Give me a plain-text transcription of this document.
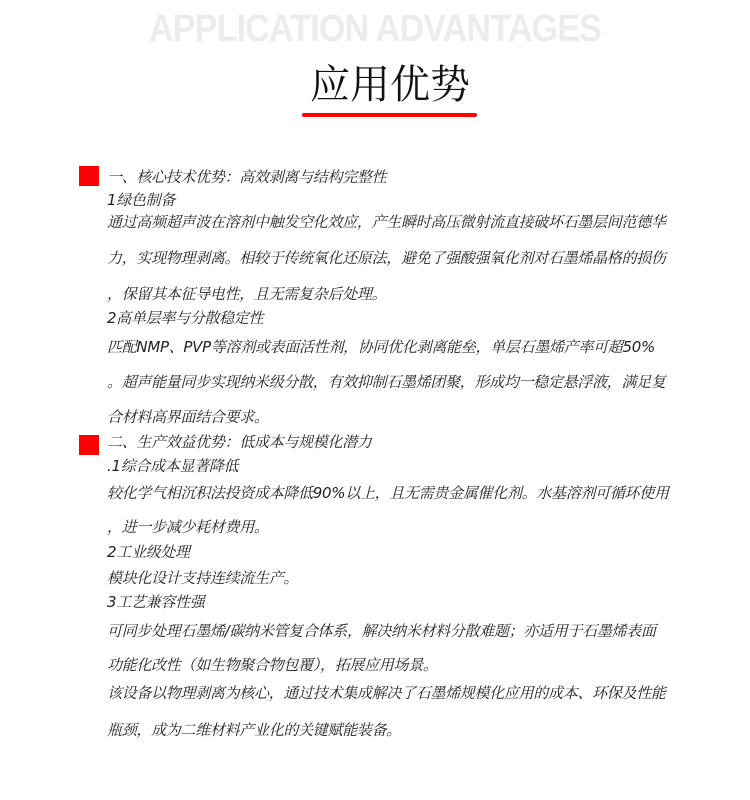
APPLICATION ADVANTAGES
应用优势
一、核心技术优势：高效剥离与结构完整性
1绿色制备
通过高频超声波在溶剂中触发空化效应，产生瞬时高压微射流直接破坏石墨层间范德华
力，实现物理剥离。相较于传统氧化还原法，避免了强酸强氧化剂对石墨烯晶格的损伤
，保留其本征导电性，且无需复杂后处理。
2高单层率与分散稳定性
匹配NMP、PVP等溶剂或表面活性剂，协同优化剥离能垒，单层石墨烯产率可超50%
。超声能量同步实现纳米级分散，有效抑制石墨烯团聚，形成均一稳定悬浮液，满足复
合材料高界面结合要求。
二、生产效益优势：低成本与规模化潜力
.1综合成本显著降低
较化学气相沉积法投资成本降低90%以上，且无需贵金属催化剂。水基溶剂可循环使用
，进一步减少耗材费用。
2工业级处理
模块化设计支持连续流生产。
3工艺兼容性强
可同步处理石墨烯/碳纳米管复合体系，解决纳米材料分散难题；亦适用于石墨烯表面
功能化改性（如生物聚合物包覆），拓展应用场景。
该设备以物理剥离为核心，通过技术集成解决了石墨烯规模化应用的成本、环保及性能
瓶颈，成为二维材料产业化的关键赋能装备。
